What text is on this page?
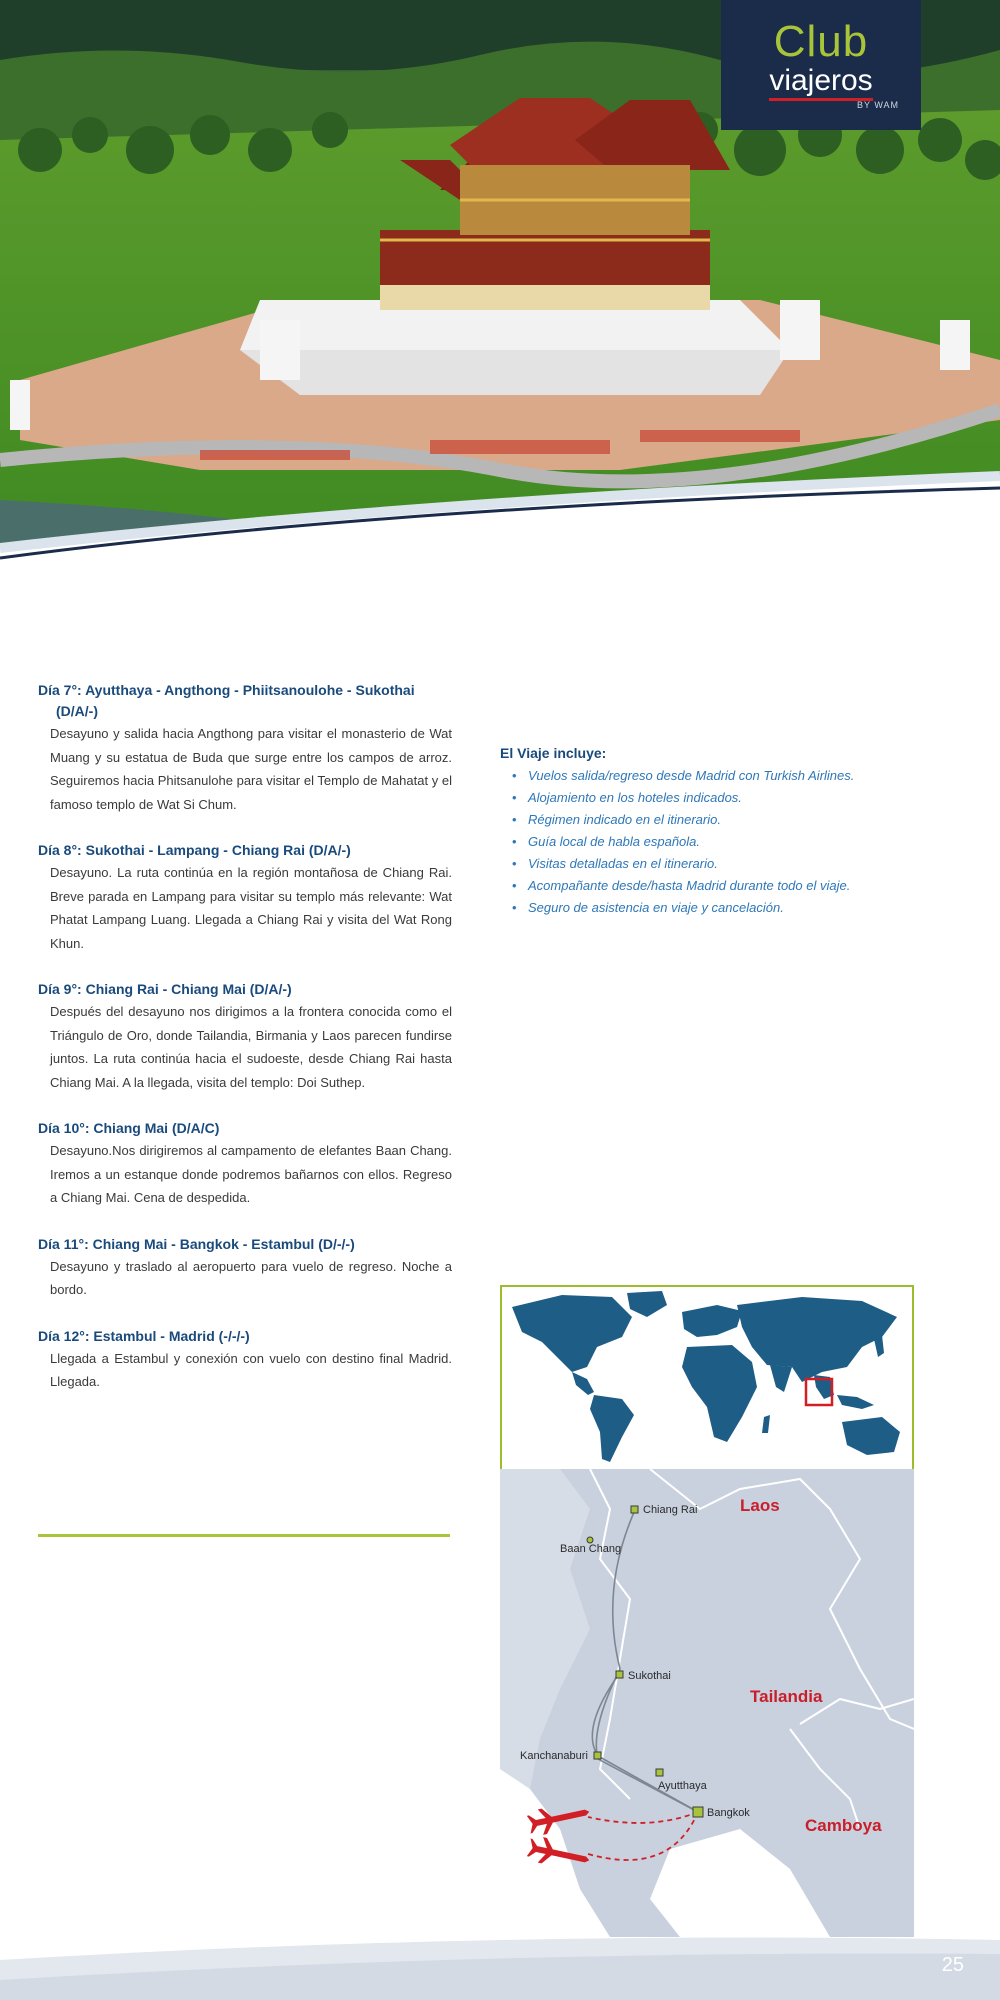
Club
viajeros
BY WAM

Día 7°: Ayutthaya - Angthong - Phiitsanoulohe - Sukothai
(D/A/-)

Desayuno y salida hacia Angthong para visitar el monasterio de Wat Muang y su estatua de Buda que surge entre los campos de arroz. Seguiremos hacia Phitsanulohe para visitar el Templo de Mahatat y el famoso templo de Wat Si Chum.

Día 8°: Sukothai - Lampang - Chiang Rai (D/A/-)

Desayuno. La ruta continúa en la región montañosa de Chiang Rai. Breve parada en Lampang para visitar su templo más relevante: Wat Phatat Lampang Luang. Llegada a Chiang Rai y visita del Wat Rong Khun.

Día 9°: Chiang Rai - Chiang Mai (D/A/-)

Después del desayuno nos dirigimos a la frontera conocida como el Triángulo de Oro, donde Tailandia, Birmania y Laos parecen fundirse juntos. La ruta continúa hacia el sudoeste, desde Chiang Rai hasta Chiang Mai. A la llegada, visita del templo: Doi Suthep.

Día 10°: Chiang Mai (D/A/C)

Desayuno.Nos dirigiremos al campamento de elefantes Baan Chang. Iremos a un estanque donde podremos bañarnos con ellos. Regreso a Chiang Mai. Cena de despedida.

Día 11°: Chiang Mai - Bangkok - Estambul (D/-/-)

Desayuno y traslado al aeropuerto para vuelo de regreso. Noche a bordo.

Día 12°: Estambul - Madrid (-/-/-)

Llegada a Estambul y conexión con vuelo con destino final Madrid. Llegada.

El Viaje incluye:
• Vuelos salida/regreso desde Madrid con Turkish Airlines.
• Alojamiento en los hoteles indicados.
• Régimen indicado en el itinerario.
• Guía local de habla española.
• Visitas detalladas en el itinerario.
• Acompañante desde/hasta Madrid durante todo el viaje.
• Seguro de asistencia en viaje y cancelación.
Chiang Rai
Baan Chang
Sukothai
Kanchanaburi
Ayutthaya
Bangkok
Laos
Tailandia
Camboya
25
